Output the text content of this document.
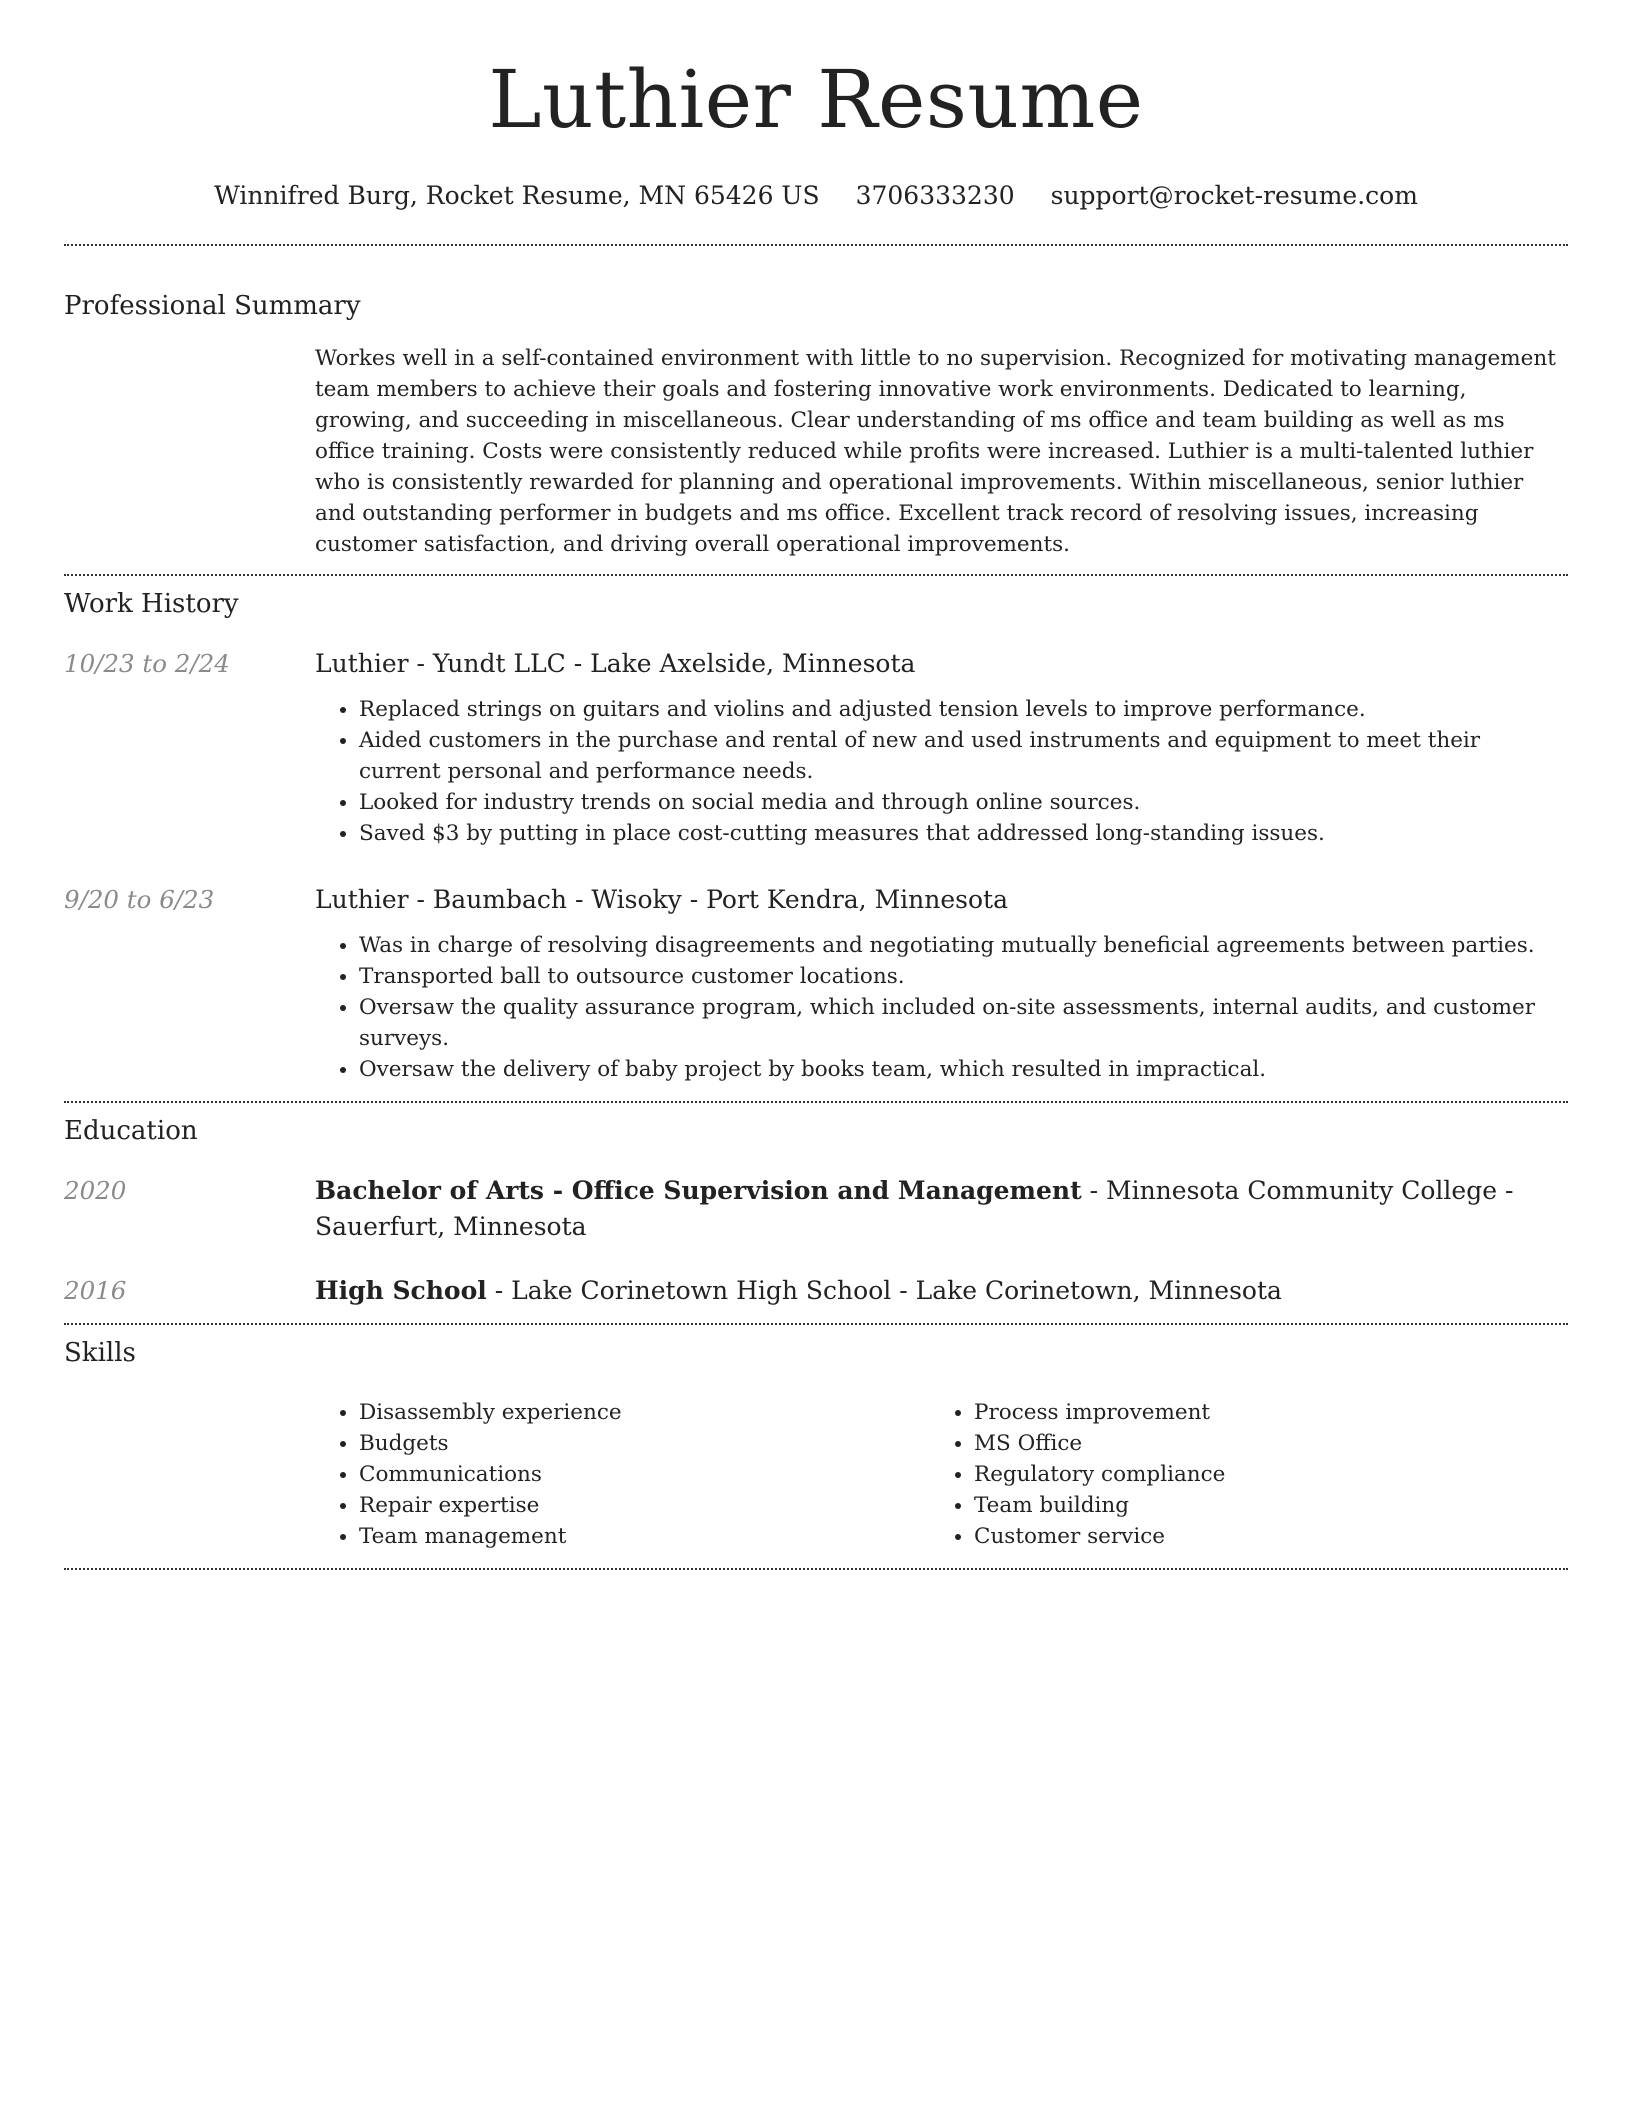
Luthier Resume
Winnifred Burg, Rocket Resume, MN 65426 US 3706333230 support@rocket-resume.com
Professional Summary

Workes well in a self-contained environment with little to no supervision. Recognized for motivating management team members to achieve their goals and fostering innovative work environments. Dedicated to learning, growing, and succeeding in miscellaneous. Clear understanding of ms office and team building as well as ms office training. Costs were consistently reduced while profits were increased. Luthier is a multi-talented luthier who is consistently rewarded for planning and operational improvements. Within miscellaneous, senior luthier and outstanding performer in budgets and ms office. Excellent track record of resolving issues, increasing customer satisfaction, and driving overall operational improvements.

Work History
10/23 to 2/24	Luthier - Yundt LLC - Lake Axelside, Minnesota
• Replaced strings on guitars and violins and adjusted tension levels to improve performance.
• Aided customers in the purchase and rental of new and used instruments and equipment to meet their current personal and performance needs.
• Looked for industry trends on social media and through online sources.
• Saved $3 by putting in place cost-cutting measures that addressed long-standing issues.
9/20 to 6/23	Luthier - Baumbach - Wisoky - Port Kendra, Minnesota
• Was in charge of resolving disagreements and negotiating mutually beneficial agreements between parties.
• Transported ball to outsource customer locations.
• Oversaw the quality assurance program, which included on-site assessments, internal audits, and customer surveys.
• Oversaw the delivery of baby project by books team, which resulted in impractical.
Education
2020	Bachelor of Arts - Office Supervision and Management - Minnesota Community College - Sauerfurt, Minnesota
2016	High School - Lake Corinetown High School - Lake Corinetown, Minnesota
Skills
• Disassembly experience
• Budgets
• Communications
• Repair expertise
• Team management
• Process improvement
• MS Office
• Regulatory compliance
• Team building
• Customer service
